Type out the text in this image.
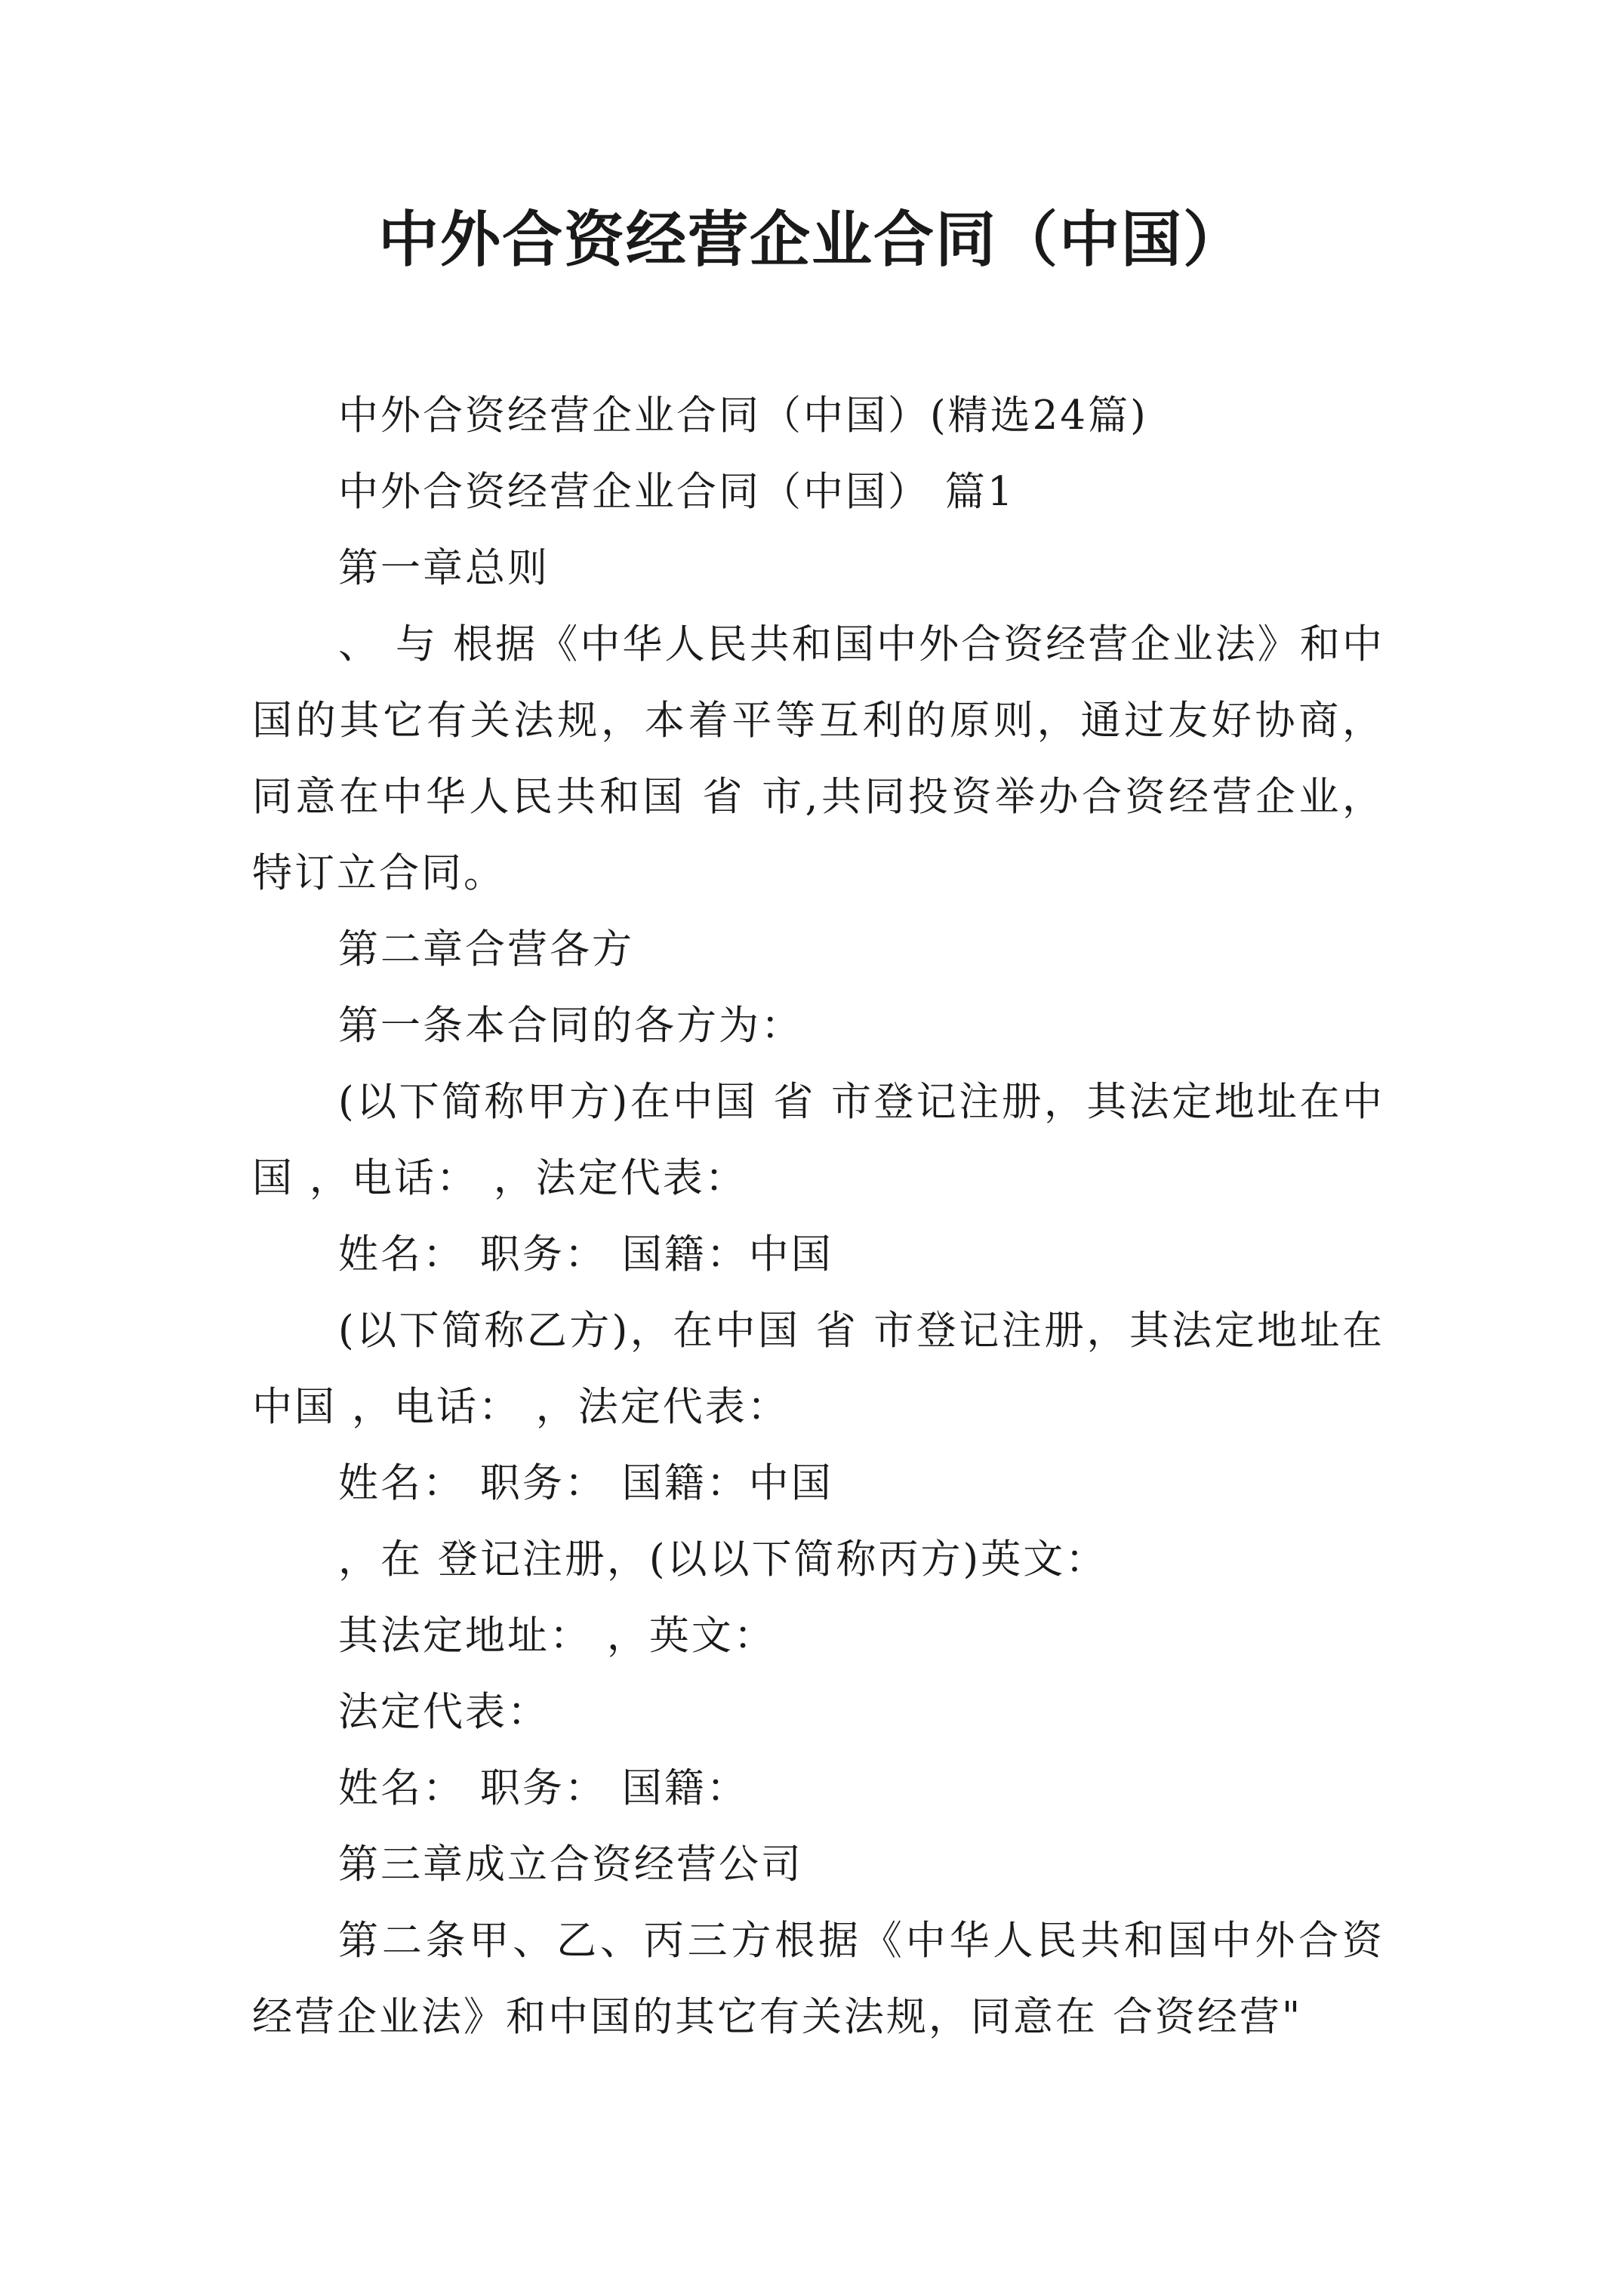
中外合资经营企业合同（中国）

中外合资经营企业合同（中国）(精选24篇)

中外合资经营企业合同（中国） 篇1

第一章总则

、 与 根据《中华人民共和国中外合资经营企业法》和中国的其它有关法规，本着平等互利的原则，通过友好协商，同意在中华人民共和国 省 市,共同投资举办合资经营企业，特订立合同。

第二章合营各方

第一条本合同的各方为：

(以下简称甲方)在中国 省 市登记注册，其法定地址在中国 ，电话： ，法定代表：

姓名： 职务： 国籍：中国

(以下简称乙方)，在中国 省 市登记注册，其法定地址在中国 ，电话： ，法定代表：

姓名： 职务： 国籍：中国

，在 登记注册，(以以下简称丙方)英文：

其法定地址： ，英文：

法定代表：

姓名： 职务： 国籍：

第三章成立合资经营公司

第二条甲、乙、丙三方根据《中华人民共和国中外合资经营企业法》和中国的其它有关法规，同意在 合资经营"
